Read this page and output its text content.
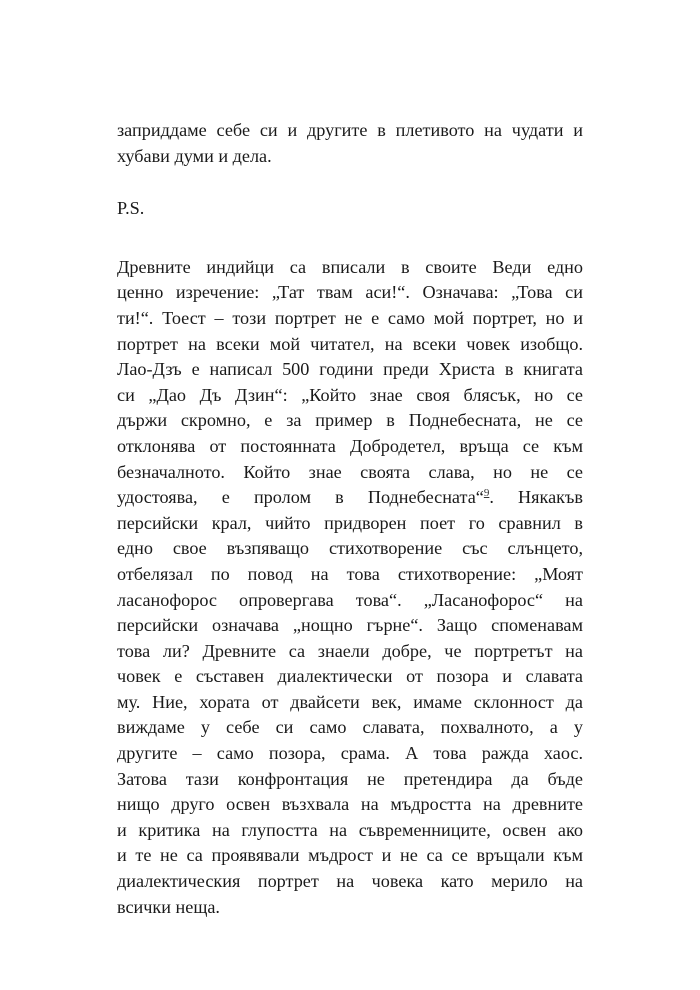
заприддаме себе си и другите в плетивото на чудати и
хубави думи и дела.

P.S.

Древните индийци са вписали в своите Веди едно
ценно изречение: „Тат твам аси!“. Означава: „Това си
ти!“. Тоест – този портрет не е само мой портрет, но и
портрет на всеки мой читател, на всеки човек изобщо.
Лао-Дзъ е написал 500 години преди Христа в книгата
си „Дао Дъ Дзин“: „Който знае своя блясък, но се
държи скромно, е за пример в Поднебесната, не се
отклонява от постоянната Добродетел, връща се към
безначалното. Който знае своята слава, но не се
удостоява, е пролом в Поднебесната“$^9$. Някакъв
персийски крал, чийто придворен поет го сравнил в
едно свое възпяващо стихотворение със слънцето,
отбелязал по повод на това стихотворение: „Моят
ласанофорос опровергава това“. „Ласанофорос“ на
персийски означава „нощно гърне“. Защо споменавам
това ли? Древните са знаели добре, че портретът на
човек е съставен диалектически от позора и славата
му. Ние, хората от двайсети век, имаме склонност да
виждаме у себе си само славата, похвалното, а у
другите – само позора, срама. А това ражда хаос.
Затова тази конфронтация не претендира да бъде
нищо друго освен възхвала на мъдростта на древните
и критика на глупостта на съвременниците, освен ако
и те не са проявявали мъдрост и не са се връщали към
диалектическия портрет на човека като мерило на
всички неща.
